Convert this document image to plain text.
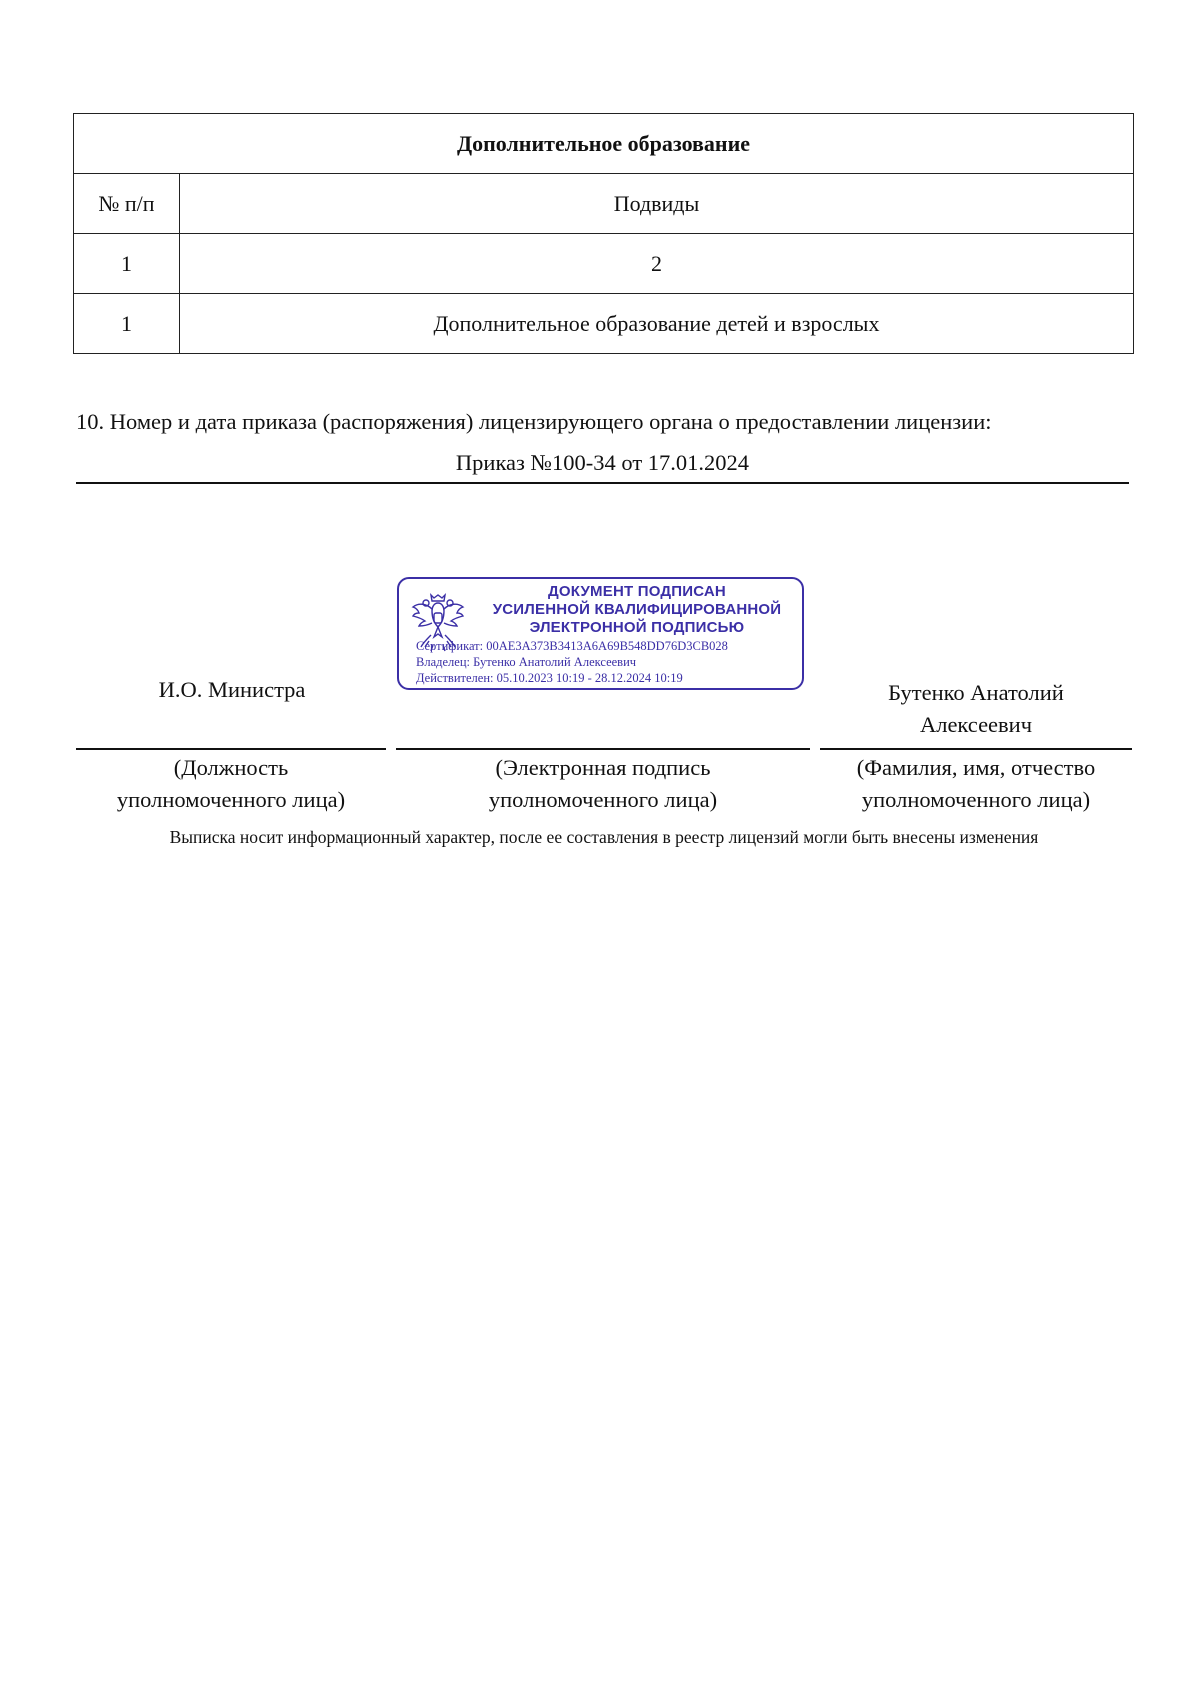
Дополнительное образование	
№ п/п	Подвиды
1	2
1	Дополнительное образование детей и взрослых
10. Номер и дата приказа (распоряжения) лицензирующего органа о предоставлении лицензии:
Приказ №100-34 от 17.01.2024
ДОКУМЕНТ ПОДПИСАН
УСИЛЕННОЙ КВАЛИФИЦИРОВАННОЙ
ЭЛЕКТРОННОЙ ПОДПИСЬЮ
Сертификат: 00AE3A373B3413A6A69B548DD76D3CB028
Владелец: Бутенко Анатолий Алексеевич
Действителен: 05.10.2023 10:19 - 28.12.2024 10:19
И.О. Министра	Бутенко Анатолий
Алексеевич
(Должность
уполномоченного лица)
(Электронная подпись
уполномоченного лица)
(Фамилия, имя, отчество
уполномоченного лица)
Выписка носит информационный характер, после ее составления в реестр лицензий могли быть внесены изменения
